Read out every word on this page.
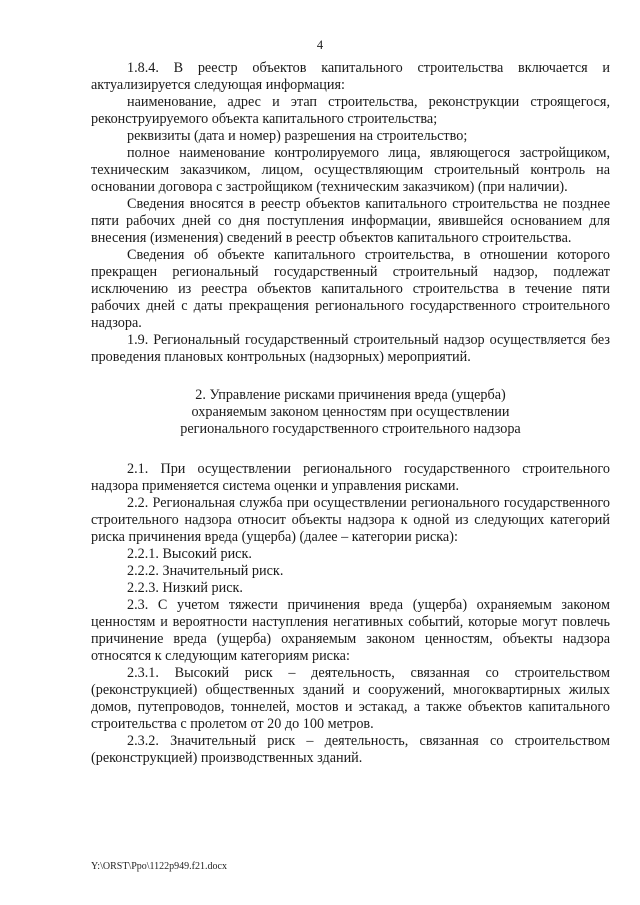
4

1.8.4. В реестр объектов капитального строительства включается и актуализируется следующая информация:

наименование, адрес и этап строительства, реконструкции строящегося, реконструируемого объекта капитального строительства;

реквизиты (дата и номер) разрешения на строительство;

полное наименование контролируемого лица, являющегося застройщиком, техническим заказчиком, лицом, осуществляющим строительный контроль на основании договора с застройщиком (техническим заказчиком) (при наличии).

Сведения вносятся в реестр объектов капитального строительства не позднее пяти рабочих дней со дня поступления информации, явившейся основанием для внесения (изменения) сведений в реестр объектов капитального строительства.

Сведения об объекте капитального строительства, в отношении которого прекращен региональный государственный строительный надзор, подлежат исключению из реестра объектов капитального строительства в течение пяти рабочих дней с даты прекращения регионального государственного строительного надзора.

1.9. Региональный государственный строительный надзор осуществляется без проведения плановых контрольных (надзорных) мероприятий.

2. Управление рисками причинения вреда (ущерба)
охраняемым законом ценностям при осуществлении
регионального государственного строительного надзора

2.1. При осуществлении регионального государственного строительного надзора применяется система оценки и управления рисками.

2.2. Региональная служба при осуществлении регионального государственного строительного надзора относит объекты надзора к одной из следующих категорий риска причинения вреда (ущерба) (далее – категории риска):

2.2.1. Высокий риск.

2.2.2. Значительный риск.

2.2.3. Низкий риск.

2.3. С учетом тяжести причинения вреда (ущерба) охраняемым законом ценностям и вероятности наступления негативных событий, которые могут повлечь причинение вреда (ущерба) охраняемым законом ценностям, объекты надзора относятся к следующим категориям риска:

2.3.1. Высокий риск – деятельность, связанная со строительством (реконструкцией) общественных зданий и сооружений, многоквартирных жилых домов, путепроводов, тоннелей, мостов и эстакад, а также объектов капитального строительства с пролетом от 20 до 100 метров.

2.3.2. Значительный риск – деятельность, связанная со строительством (реконструкцией) производственных зданий.

Y:\ORST\Ppo\1122p949.f21.docx
